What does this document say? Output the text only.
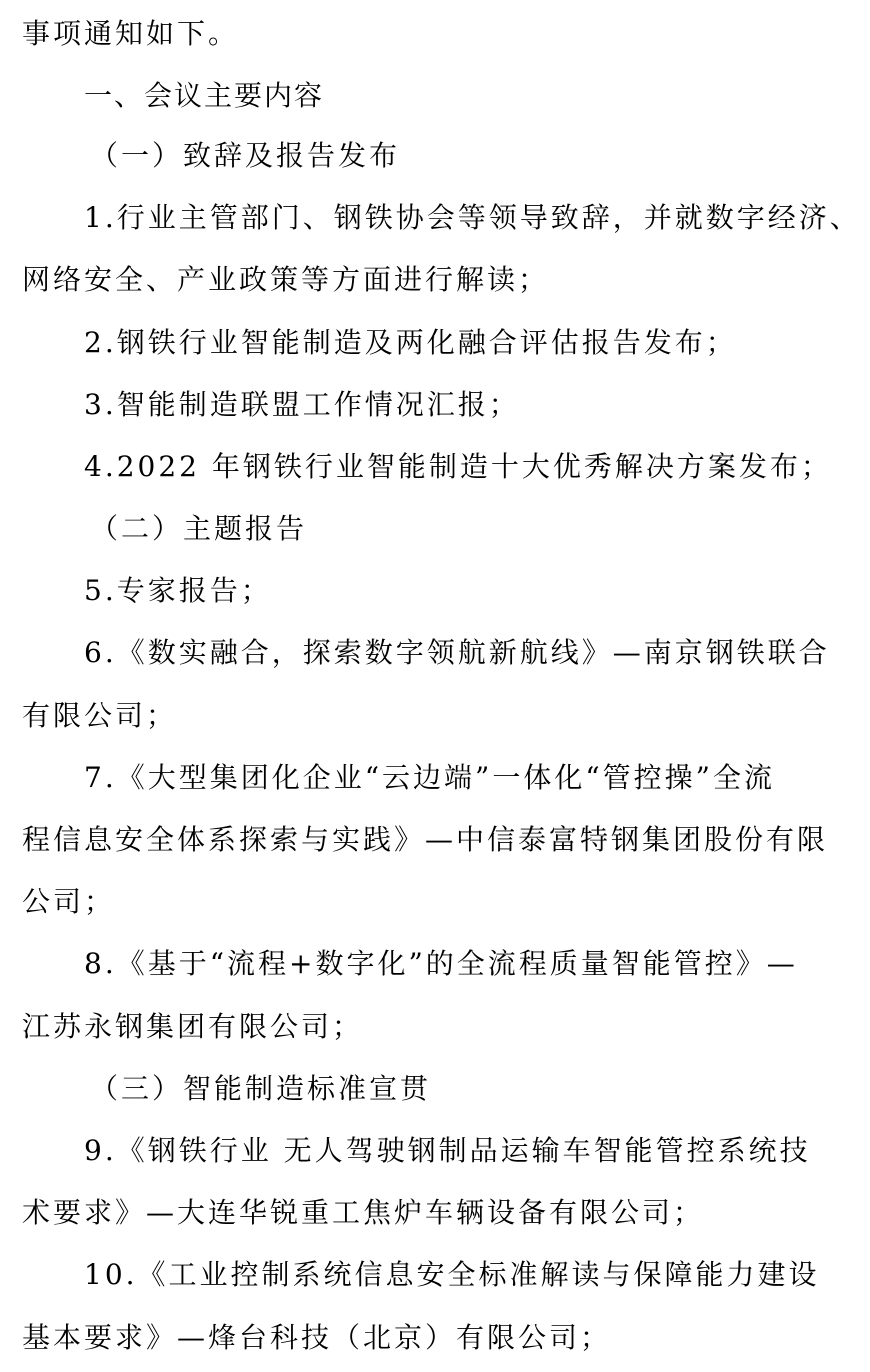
事项通知如下。
一、会议主要内容
（一）致辞及报告发布
1.行业主管部门、钢铁协会等领导致辞，并就数字经济、
网络安全、产业政策等方面进行解读；
2.钢铁行业智能制造及两化融合评估报告发布；
3.智能制造联盟工作情况汇报；
4.2022 年钢铁行业智能制造十大优秀解决方案发布；
（二）主题报告
5.专家报告；
6.《数实融合，探索数字领航新航线》—南京钢铁联合
有限公司；
7.《大型集团化企业“云边端”一体化“管控操”全流
程信息安全体系探索与实践》—中信泰富特钢集团股份有限
公司；
8.《基于“流程+数字化”的全流程质量智能管控》—
江苏永钢集团有限公司；
（三）智能制造标准宣贯
9.《钢铁行业 无人驾驶钢制品运输车智能管控系统技
术要求》—大连华锐重工焦炉车辆设备有限公司；
10.《工业控制系统信息安全标准解读与保障能力建设
基本要求》—烽台科技（北京）有限公司；
